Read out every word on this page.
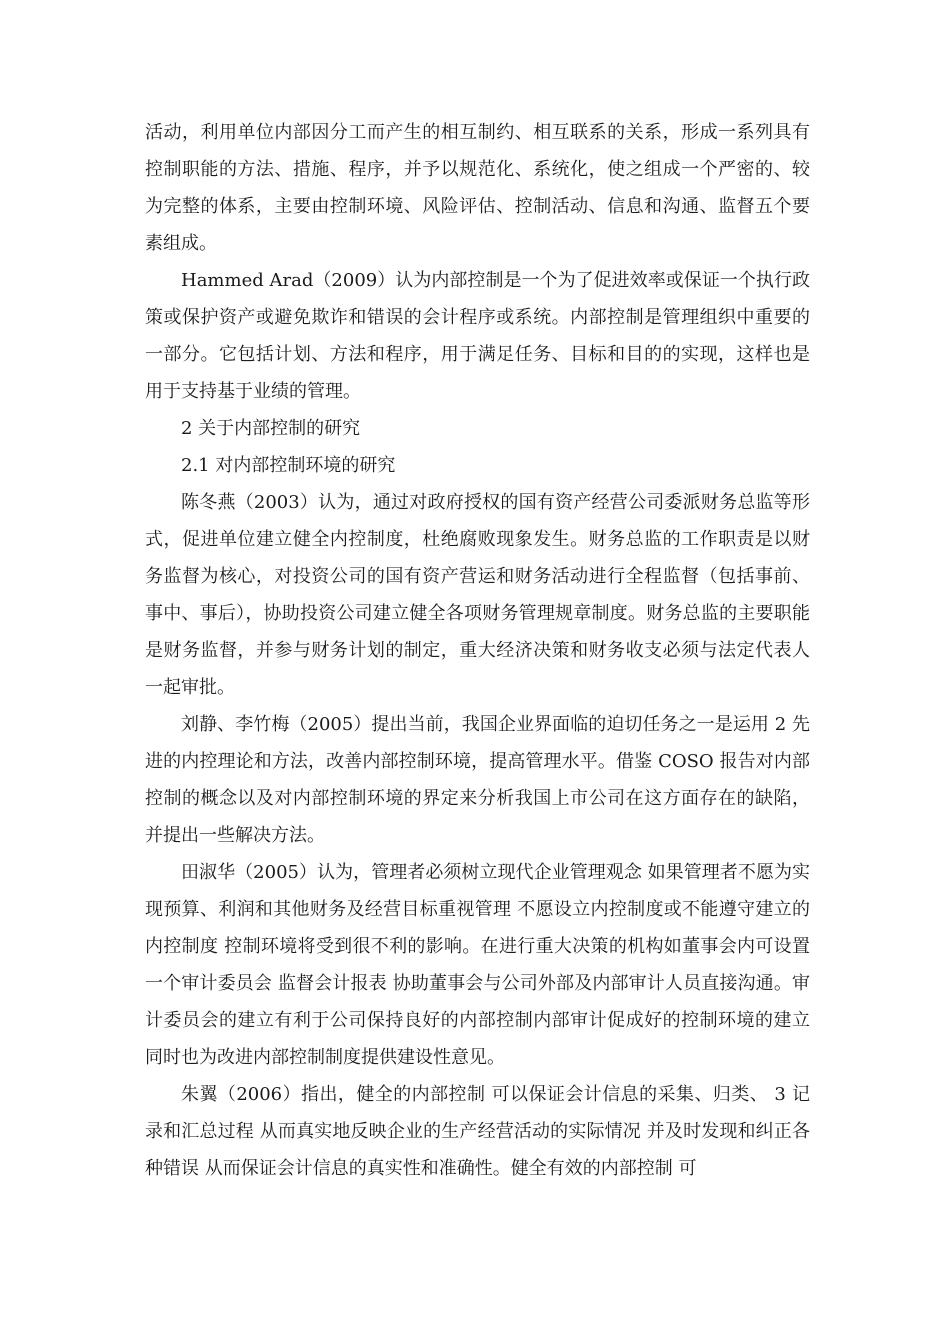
活动，利用单位内部因分工而产生的相互制约、相互联系的关系，形成一系列具有控制职能的方法、措施、程序，并予以规范化、系统化，使之组成一个严密的、较为完整的体系，主要由控制环境、风险评估、控制活动、信息和沟通、监督五个要素组成。

Hammed Arad（2009）认为内部控制是一个为了促进效率或保证一个执行政策或保护资产或避免欺诈和错误的会计程序或系统。内部控制是管理组织中重要的一部分。它包括计划、方法和程序，用于满足任务、目标和目的的实现，这样也是用于支持基于业绩的管理。

2 关于内部控制的研究

2.1 对内部控制环境的研究

陈冬燕（2003）认为，通过对政府授权的国有资产经营公司委派财务总监等形式，促进单位建立健全内控制度，杜绝腐败现象发生。财务总监的工作职责是以财务监督为核心，对投资公司的国有资产营运和财务活动进行全程监督（包括事前、事中、事后），协助投资公司建立健全各项财务管理规章制度。财务总监的主要职能是财务监督，并参与财务计划的制定，重大经济决策和财务收支必须与法定代表人一起审批。

刘静、李竹梅（2005）提出当前，我国企业界面临的迫切任务之一是运用 2 先进的内控理论和方法，改善内部控制环境，提高管理水平。借鉴 COSO 报告对内部控制的概念以及对内部控制环境的界定来分析我国上市公司在这方面存在的缺陷，并提出一些解决方法。

田淑华（2005）认为，管理者必须树立现代企业管理观念 如果管理者不愿为实现预算、利润和其他财务及经营目标重视管理 不愿设立内控制度或不能遵守建立的内控制度 控制环境将受到很不利的影响。在进行重大决策的机构如董事会内可设置一个审计委员会 监督会计报表 协助董事会与公司外部及内部审计人员直接沟通。审计委员会的建立有利于公司保持良好的内部控制内部审计促成好的控制环境的建立 同时也为改进内部控制制度提供建设性意见。

朱翼（2006）指出，健全的内部控制 可以保证会计信息的采集、归类、 3 记录和汇总过程 从而真实地反映企业的生产经营活动的实际情况 并及时发现和纠正各种错误 从而保证会计信息的真实性和准确性。健全有效的内部控制 可
